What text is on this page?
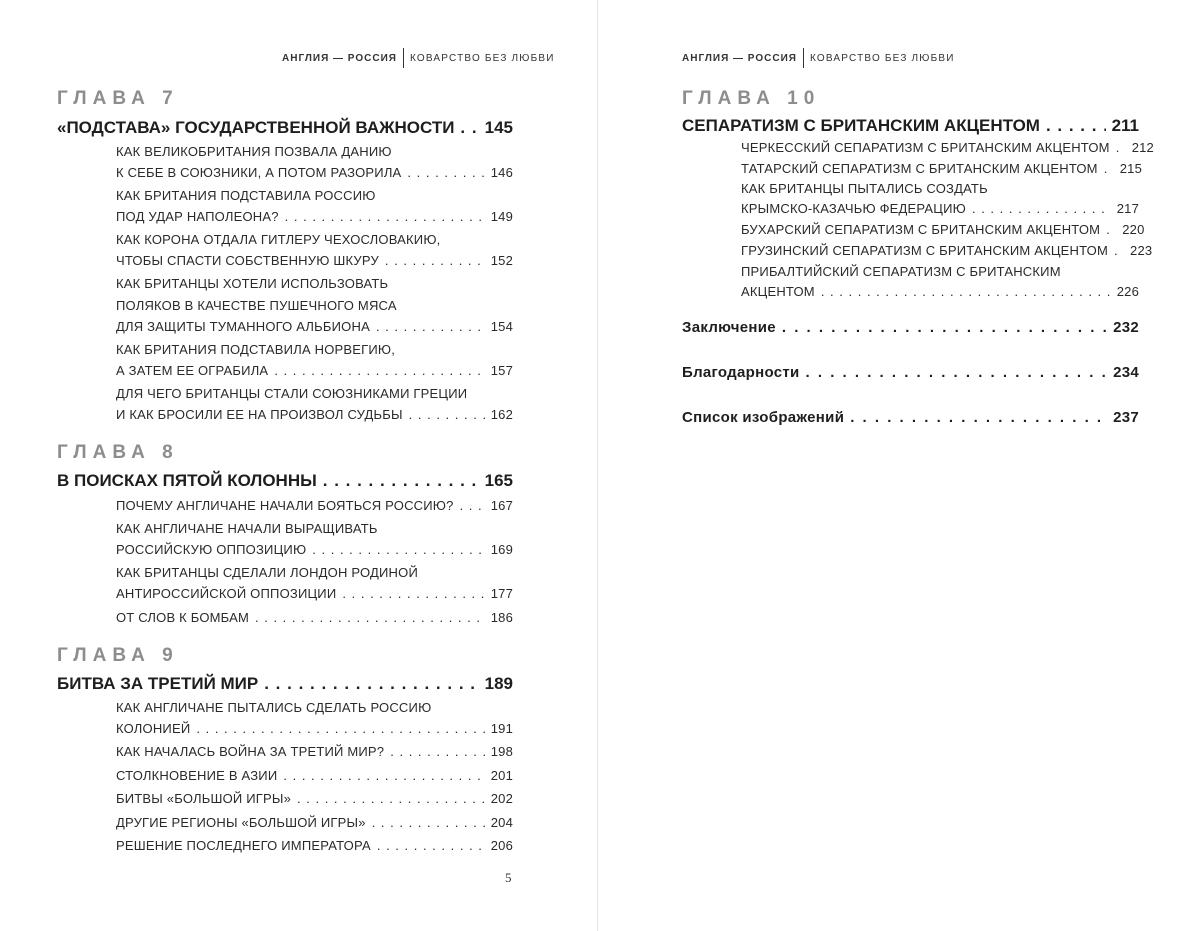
АНГЛИЯ — РОССИЯ КОВАРСТВО БЕЗ ЛЮБВИ
ГЛАВА 7
«ПОДСТАВА» ГОСУДАРСТВЕННОЙ ВАЖНОСТИ . . . 145
КАК ВЕЛИКОБРИТАНИЯ ПОЗВАЛА ДАНИЮ
К СЕБЕ В СОЮЗНИКИ, А ПОТОМ РАЗОРИЛА . . .	146
КАК БРИТАНИЯ ПОДСТАВИЛА РОССИЮ
ПОД УДАР НАПОЛЕОНА? . . .	149
КАК КОРОНА ОТДАЛА ГИТЛЕРУ ЧЕХОСЛОВАКИЮ,
ЧТОБЫ СПАСТИ СОБСТВЕННУЮ ШКУРУ . . .	152
КАК БРИТАНЦЫ ХОТЕЛИ ИСПОЛЬЗОВАТЬ
ПОЛЯКОВ В КАЧЕСТВЕ ПУШЕЧНОГО МЯСА
ДЛЯ ЗАЩИТЫ ТУМАННОГО АЛЬБИОНА . . .	154
КАК БРИТАНИЯ ПОДСТАВИЛА НОРВЕГИЮ,
А ЗАТЕМ ЕЕ ОГРАБИЛА . . .	157
ДЛЯ ЧЕГО БРИТАНЦЫ СТАЛИ СОЮЗНИКАМИ ГРЕЦИИ
И КАК БРОСИЛИ ЕЕ НА ПРОИЗВОЛ СУДЬБЫ . . .	162
ГЛАВА 8
В ПОИСКАХ ПЯТОЙ КОЛОННЫ . . .	165
ПОЧЕМУ АНГЛИЧАНЕ НАЧАЛИ БОЯТЬСЯ РОССИЮ? . . .	167
КАК АНГЛИЧАНЕ НАЧАЛИ ВЫРАЩИВАТЬ
РОССИЙСКУЮ ОППОЗИЦИЮ . . .	169
КАК БРИТАНЦЫ СДЕЛАЛИ ЛОНДОН РОДИНОЙ
АНТИРОССИЙСКОЙ ОППОЗИЦИИ . . .	177
ОТ СЛОВ К БОМБАМ . . .	186
ГЛАВА 9
БИТВА ЗА ТРЕТИЙ МИР . . .	189
КАК АНГЛИЧАНЕ ПЫТАЛИСЬ СДЕЛАТЬ РОССИЮ
КОЛОНИЕЙ . . .	191
КАК НАЧАЛАСЬ ВОЙНА ЗА ТРЕТИЙ МИР? . . .	198
СТОЛКНОВЕНИЕ В АЗИИ . . .	201
БИТВЫ «БОЛЬШОЙ ИГРЫ» . . .	202
ДРУГИЕ РЕГИОНЫ «БОЛЬШОЙ ИГРЫ» . . .	204
РЕШЕНИЕ ПОСЛЕДНЕГО ИМПЕРАТОРА . . .	206
5
АНГЛИЯ — РОССИЯ КОВАРСТВО БЕЗ ЛЮБВИ
ГЛАВА 10
СЕПАРАТИЗМ С БРИТАНСКИМ АКЦЕНТОМ . . .	211
ЧЕРКЕССКИЙ СЕПАРАТИЗМ С БРИТАНСКИМ АКЦЕНТОМ . . . 212
ТАТАРСКИЙ СЕПАРАТИЗМ С БРИТАНСКИМ АКЦЕНТОМ . . . 215
КАК БРИТАНЦЫ ПЫТАЛИСЬ СОЗДАТЬ
КРЫМСКО-КАЗАЧЬЮ ФЕДЕРАЦИЮ . . .	217
БУХАРСКИЙ СЕПАРАТИЗМ С БРИТАНСКИМ АКЦЕНТОМ . . . 220
ГРУЗИНСКИЙ СЕПАРАТИЗМ С БРИТАНСКИМ АКЦЕНТОМ . . . 223
ПРИБАЛТИЙСКИЙ СЕПАРАТИЗМ С БРИТАНСКИМ
АКЦЕНТОМ . . .	226
Заключение . . .	232
Благодарности . . .	234
Список изображений . . .	237
